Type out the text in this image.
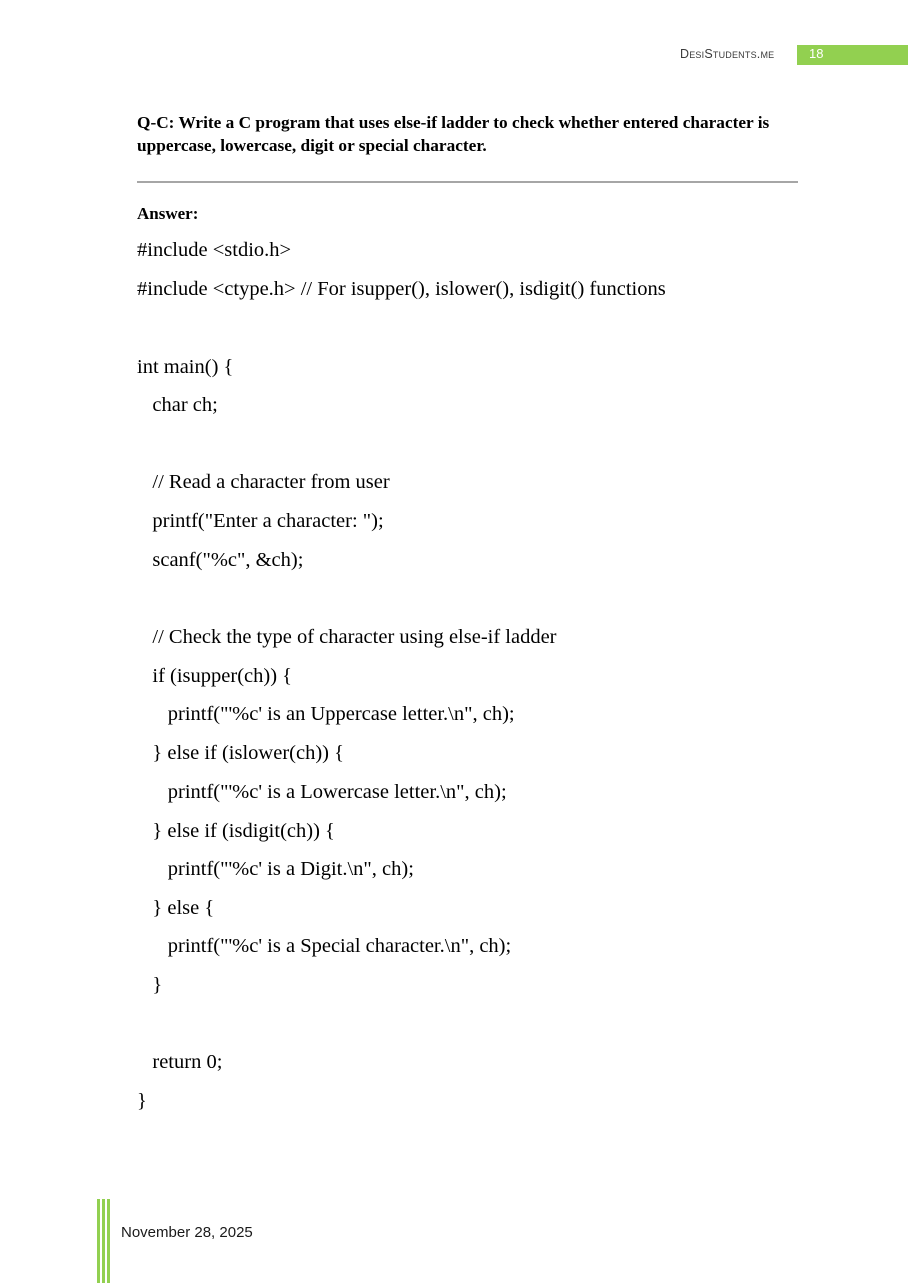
DesiStudents.me	18
Q-C: Write a C program that uses else-if ladder to check whether entered character is uppercase, lowercase, digit or special character.
Answer:
#include <stdio.h>
#include <ctype.h> // For isupper(), islower(), isdigit() functions
int main() {
char ch;
// Read a character from user
printf("Enter a character: ");
scanf("%c", &ch);
// Check the type of character using else-if ladder
if (isupper(ch)) {
printf("'%c' is an Uppercase letter.\n", ch);
} else if (islower(ch)) {
printf("'%c' is a Lowercase letter.\n", ch);
} else if (isdigit(ch)) {
printf("'%c' is a Digit.\n", ch);
} else {
printf("'%c' is a Special character.\n", ch);
}
return 0;
}
November 28, 2025
